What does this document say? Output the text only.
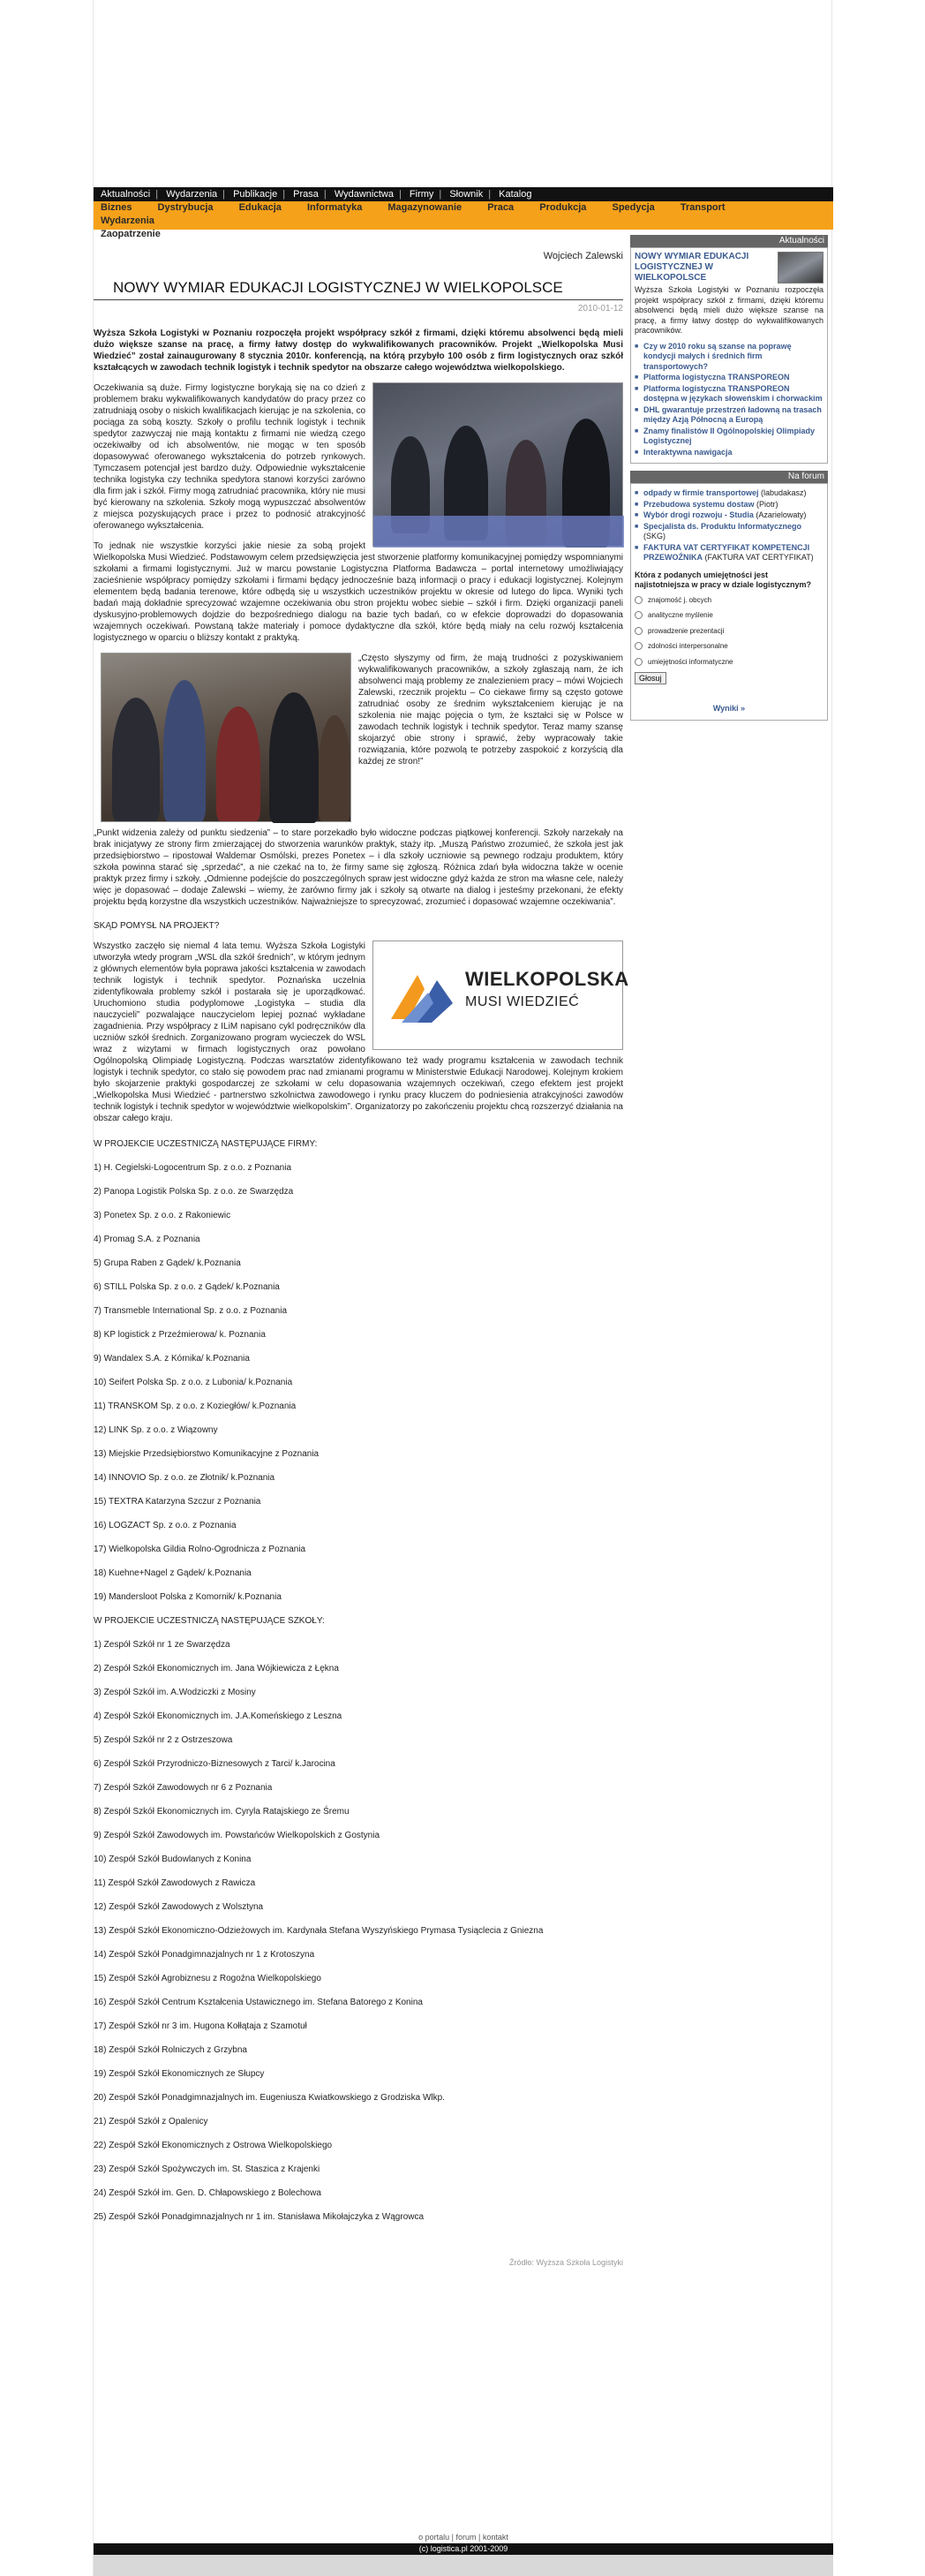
Aktualności | Wydarzenia | Publikacje | Prasa | Wydawnictwa | Firmy | Słownik | Katalog
Biznes	Dystrybucja	Edukacja	Informatyka	Magazynowanie	Praca	Produkcja	Spedycja	Transport Wydarzenia
Zaopatrzenie
Wojciech Zalewski
NOWY WYMIAR EDUKACJI LOGISTYCZNEJ W WIELKOPOLSCE
2010-01-12

Wyższa Szkoła Logistyki w Poznaniu rozpoczęła projekt współpracy szkół z firmami, dzięki któremu absolwenci będą mieli dużo większe szanse na pracę, a firmy łatwy dostęp do wykwalifikowanych pracowników. Projekt „Wielkopolska Musi Wiedzieć” został zainaugurowany 8 stycznia 2010r. konferencją, na którą przybyło 100 osób z firm logistycznych oraz szkół kształcących w zawodach technik logistyk i technik spedytor na obszarze całego województwa wielkopolskiego.

Oczekiwania są duże. Firmy logistyczne borykają się na co dzień z problemem braku wykwalifikowanych kandydatów do pracy przez co zatrudniają osoby o niskich kwalifikacjach kierując je na szkolenia, co pociąga za sobą koszty. Szkoły o profilu technik logistyk i technik spedytor zazwyczaj nie mają kontaktu z firmami nie wiedzą czego oczekiwałby od ich absolwentów, nie mogąc w ten sposób dopasowywać oferowanego wykształcenia do potrzeb rynkowych. Tymczasem potencjał jest bardzo duży. Odpowiednie wykształcenie technika logistyka czy technika spedytora stanowi korzyści zarówno dla firm jak i szkół. Firmy mogą zatrudniać pracownika, który nie musi być kierowany na szkolenia. Szkoły mogą wypuszczać absolwentów z miejsca pozyskujących prace i przez to podnosić atrakcyjność oferowanego wykształcenia.

To jednak nie wszystkie korzyści jakie niesie za sobą projekt Wielkopolska Musi Wiedzieć. Podstawowym celem przedsięwzięcia jest stworzenie platformy komunikacyjnej pomiędzy wspomnianymi szkołami a firmami logistycznymi. Już w marcu powstanie Logistyczna Platforma Badawcza – portal internetowy umożliwiający zacieśnienie współpracy pomiędzy szkołami i firmami będący jednocześnie bazą informacji o pracy i edukacji logistycznej. Kolejnym elementem będą badania terenowe, które odbędą się u wszystkich uczestników projektu w okresie od lutego do lipca. Wyniki tych badań mają dokładnie sprecyzować wzajemne oczekiwania obu stron projektu wobec siebie – szkół i firm. Dzięki organizacji paneli dyskusyjno-problemowych dojdzie do bezpośredniego dialogu na bazie tych badań, co w efekcie doprowadzi do dopasowania wzajemnych oczekiwań. Powstaną także materiały i pomoce dydaktyczne dla szkół, które będą miały na celu rozwój kształcenia logistycznego w oparciu o bliższy kontakt z praktyką.

„Często słyszymy od firm, że mają trudności z pozyskiwaniem wykwalifikowanych pracowników, a szkoły zgłaszają nam, że ich absolwenci mają problemy ze znalezieniem pracy – mówi Wojciech Zalewski, rzecznik projektu – Co ciekawe firmy są często gotowe zatrudniać osoby ze średnim wykształceniem kierując je na szkolenia nie mając pojęcia o tym, że kształci się w Polsce w zawodach technik logistyk i technik spedytor. Teraz mamy szansę skojarzyć obie strony i sprawić, żeby wypracowały takie rozwiązania, które pozwolą te potrzeby zaspokoić z korzyścią dla każdej ze stron!”

„Punkt widzenia zależy od punktu siedzenia” – to stare porzekadło było widoczne podczas piątkowej konferencji. Szkoły narzekały na brak inicjatywy ze strony firm zmierzającej do stworzenia warunków praktyk, staży itp. „Muszą Państwo zrozumieć, że szkoła jest jak przedsiębiorstwo – ripostował Waldemar Osmólski, prezes Ponetex – i dla szkoły uczniowie są pewnego rodzaju produktem, który szkoła powinna starać się „sprzedać”, a nie czekać na to, że firmy same się zgłoszą. Różnica zdań była widoczna także w ocenie praktyk przez firmy i szkoły. „Odmienne podejście do poszczególnych spraw jest widoczne gdyż każda ze stron ma własne cele, należy więc je dopasować – dodaje Zalewski – wiemy, że zarówno firmy jak i szkoły są otwarte na dialog i jesteśmy przekonani, że efekty projektu będą korzystne dla wszystkich uczestników. Najważniejsze to sprecyzować, zrozumieć i dopasować wzajemne oczekiwania”.

SKĄD POMYSŁ NA PROJEKT?

WIELKOPOLSKA
MUSI WIEDZIEĆ
Wszystko zaczęło się niemal 4 lata temu. Wyższa Szkoła Logistyki utworzyła wtedy program „WSL dla szkół średnich”, w którym jednym z głównych elementów była poprawa jakości kształcenia w zawodach technik logistyk i technik spedytor. Poznańska uczelnia zidentyfikowała problemy szkół i postarała się je uporządkować. Uruchomiono studia podyplomowe „Logistyka – studia dla nauczycieli” pozwalające nauczycielom lepiej poznać wykładane zagadnienia. Przy współpracy z ILiM napisano cykl podręczników dla uczniów szkół średnich. Zorganizowano program wycieczek do WSL wraz z wizytami w firmach logistycznych oraz powołano Ogólnopolską Olimpiadę Logistyczną. Podczas warsztatów zidentyfikowano też wady programu kształcenia w zawodach technik logistyk i technik spedytor, co stało się powodem prac nad zmianami programu w Ministerstwie Edukacji Narodowej. Kolejnym krokiem było skojarzenie praktyki gospodarczej ze szkołami w celu dopasowania wzajemnych oczekiwań, czego efektem jest projekt „Wielkopolska Musi Wiedzieć - partnerstwo szkolnictwa zawodowego i rynku pracy kluczem do podniesienia atrakcyjności zawodów technik logistyk i technik spedytor w województwie wielkopolskim”. Organizatorzy po zakończeniu projektu chcą rozszerzyć działania na obszar całego kraju.

W PROJEKCIE UCZESTNICZĄ NASTĘPUJĄCE FIRMY:

1) H. Cegielski-Logocentrum Sp. z o.o. z Poznania

2) Panopa Logistik Polska Sp. z o.o. ze Swarzędza

3) Ponetex Sp. z o.o. z Rakoniewic

4) Promag S.A. z Poznania

5) Grupa Raben z Gądek/ k.Poznania

6) STILL Polska Sp. z o.o. z Gądek/ k.Poznania

7) Transmeble International Sp. z o.o. z Poznania

8) KP logistick z Przeźmierowa/ k. Poznania

9) Wandalex S.A. z Kórnika/ k.Poznania

10) Seifert Polska Sp. z o.o. z Lubonia/ k.Poznania

11) TRANSKOM Sp. z o.o. z Koziegłów/ k.Poznania

12) LINK Sp. z o.o. z Wiązowny

13) Miejskie Przedsiębiorstwo Komunikacyjne z Poznania

14) INNOVIO Sp. z o.o. ze Złotnik/ k.Poznania

15) TEXTRA Katarzyna Szczur z Poznania

16) LOGZACT Sp. z o.o. z Poznania

17) Wielkopolska Gildia Rolno-Ogrodnicza z Poznania

18) Kuehne+Nagel z Gądek/ k.Poznania

19) Mandersloot Polska z Komornik/ k.Poznania

W PROJEKCIE UCZESTNICZĄ NASTĘPUJĄCE SZKOŁY:

1) Zespół Szkół nr 1 ze Swarzędza

2) Zespół Szkół Ekonomicznych im. Jana Wójkiewicza z Łękna

3) Zespół Szkół im. A.Wodziczki z Mosiny

4) Zespół Szkół Ekonomicznych im. J.A.Komeńskiego z Leszna

5) Zespół Szkół nr 2 z Ostrzeszowa

6) Zespół Szkół Przyrodniczo-Biznesowych z Tarci/ k.Jarocina

7) Zespół Szkół Zawodowych nr 6 z Poznania

8) Zespół Szkół Ekonomicznych im. Cyryla Ratajskiego ze Śremu

9) Zespół Szkół Zawodowych im. Powstańców Wielkopolskich z Gostynia

10) Zespół Szkół Budowlanych z Konina

11) Zespół Szkół Zawodowych z Rawicza

12) Zespół Szkół Zawodowych z Wolsztyna

13) Zespół Szkół Ekonomiczno-Odzieżowych im. Kardynała Stefana Wyszyńskiego Prymasa Tysiąclecia z Gniezna

14) Zespół Szkół Ponadgimnazjalnych nr 1 z Krotoszyna

15) Zespół Szkół Agrobiznesu z Rogoźna Wielkopolskiego

16) Zespół Szkół Centrum Kształcenia Ustawicznego im. Stefana Batorego z Konina

17) Zespół Szkół nr 3 im. Hugona Kołłątaja z Szamotuł

18) Zespół Szkół Rolniczych z Grzybna

19) Zespół Szkół Ekonomicznych ze Słupcy

20) Zespół Szkół Ponadgimnazjalnych im. Eugeniusza Kwiatkowskiego z Grodziska Wlkp.

21) Zespół Szkół z Opalenicy

22) Zespół Szkół Ekonomicznych z Ostrowa Wielkopolskiego

23) Zespół Szkół Spożywczych im. St. Staszica z Krajenki

24) Zespół Szkół im. Gen. D. Chłapowskiego z Bolechowa

25) Zespół Szkół Ponadgimnazjalnych nr 1 im. Stanisława Mikołajczyka z Wągrowca

Źródło: Wyższa Szkoła Logistyki
Aktualności
NOWY WYMIAR EDUKACJI LOGISTYCZNEJ W WIELKOPOLSCE
Wyższa Szkoła Logistyki w Poznaniu rozpoczęła projekt współpracy szkół z firmami, dzięki któremu absolwenci będą mieli dużo większe szanse na pracę, a firmy łatwy dostęp do wykwalifikowanych pracowników.
■ Czy w 2010 roku są szanse na poprawę kondycji małych i średnich firm transportowych?
■ Platforma logistyczna TRANSPOREON
■ Platforma logistyczna TRANSPOREON dostępna w językach słoweńskim i chorwackim
■ DHL gwarantuje przestrzeń ładowną na trasach między Azją Północną a Europą
■ Znamy finalistów II Ogólnopolskiej Olimpiady Logistycznej
■ Interaktywna nawigacja
Na forum
■ odpady w firmie transportowej (labudakasz)
■ Przebudowa systemu dostaw (Piotr)
■ Wybór drogi rozwoju - Studia (Azarielowaty)
■ Specjalista ds. Produktu Informatycznego (SKG)
■ FAKTURA VAT CERTYFIKAT KOMPETENCJI PRZEWOŹNIKA (FAKTURA VAT CERTYFIKAT)
Która z podanych umiejętności jest najistotniejsza w pracy w dziale logistycznym?
znajomość j. obcych
analityczne myślenie
prowadzenie prezentacji
zdolności interpersonalne
umiejętności informatyczne
Głosuj
Wyniki »
o portalu | forum | kontakt
(c) logistica.pl 2001-2009
